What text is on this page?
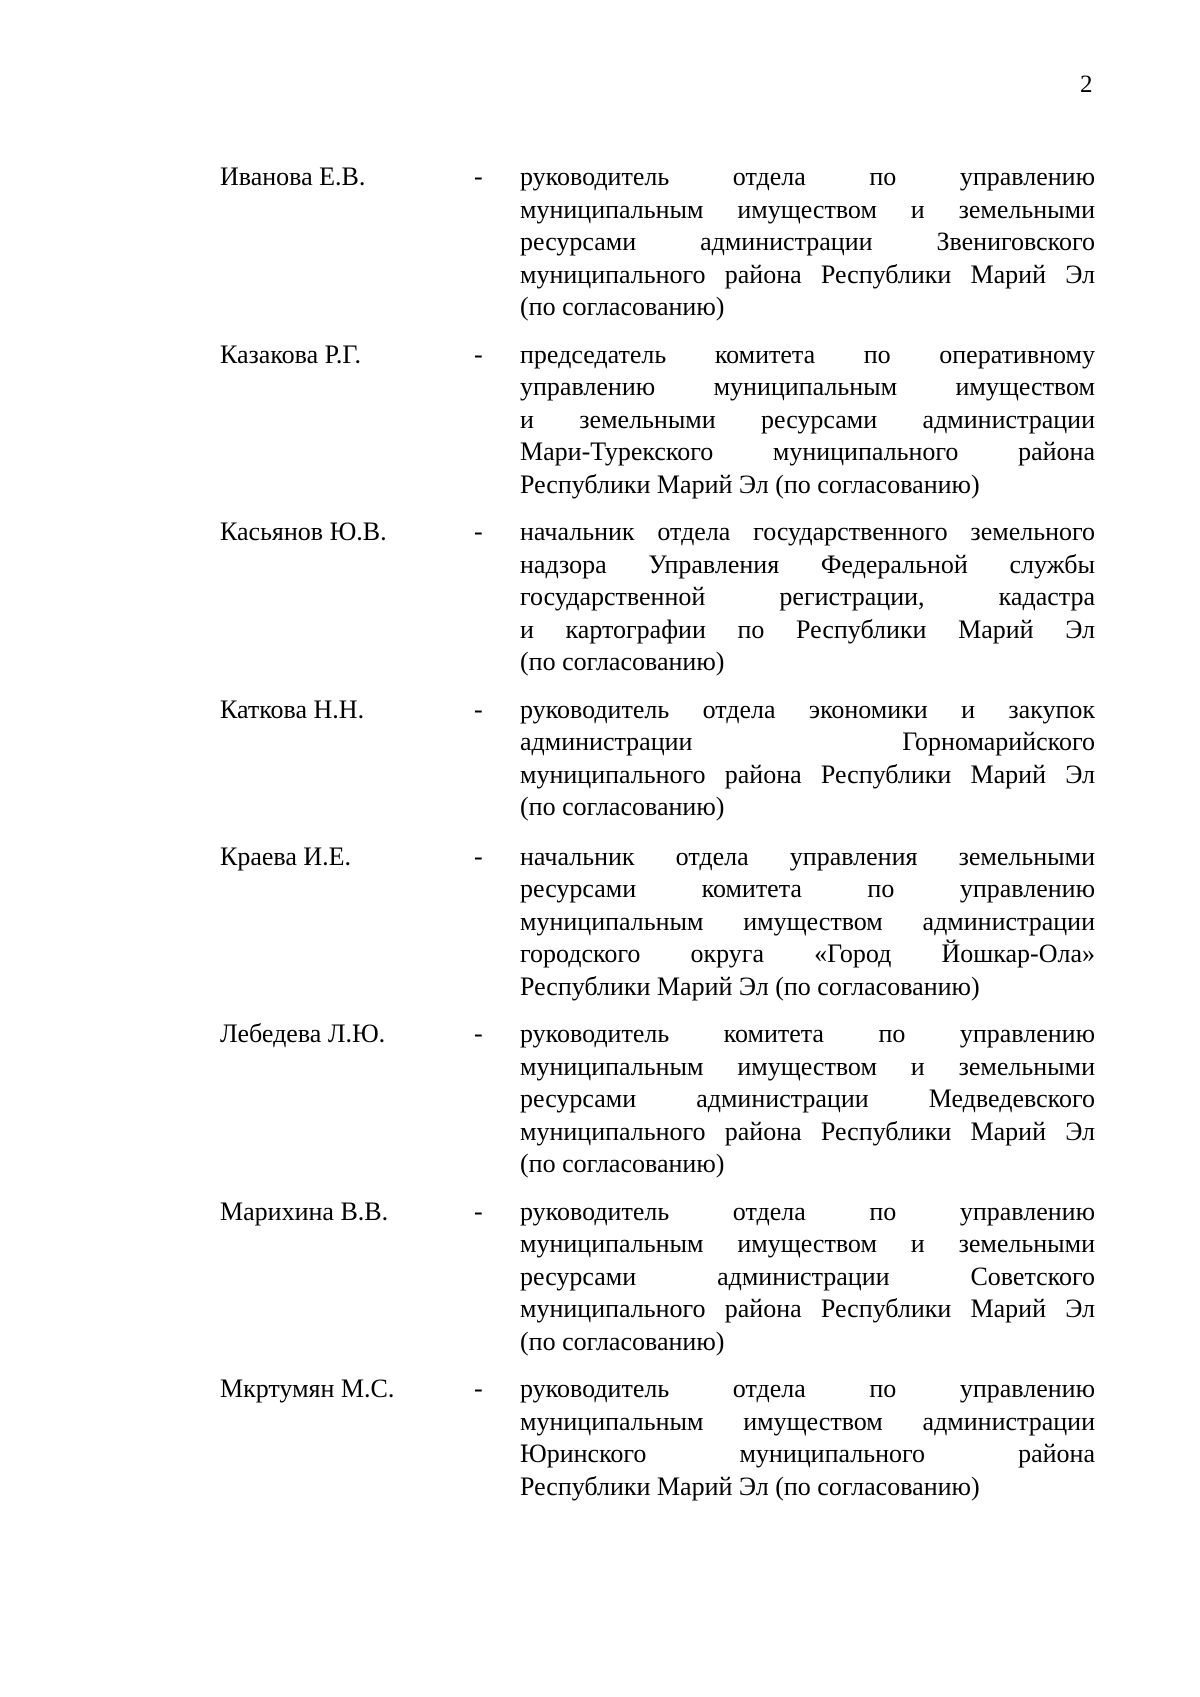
2
Иванова Е.В.	- руководитель отдела по управлению
муниципальным имуществом и земельными
ресурсами администрации Звениговского
муниципального района Республики Марий Эл
(по согласованию)
Казакова Р.Г.	- председатель комитета по оперативному
управлению муниципальным имуществом
и земельными ресурсами администрации
Мари-Турекского муниципального района
Республики Марий Эл (по согласованию)
Касьянов Ю.В.	- начальник отдела государственного земельного
надзора Управления Федеральной службы
государственной регистрации, кадастра
и картографии по Республики Марий Эл
(по согласованию)
Каткова Н.Н.	- руководитель отдела экономики и закупок
администрации Горномарийского
муниципального района Республики Марий Эл
(по согласованию)
Краева И.Е.	- начальник отдела управления земельными
ресурсами комитета по управлению
муниципальным имуществом администрации
городского округа «Город Йошкар-Ола»
Республики Марий Эл (по согласованию)
Лебедева Л.Ю.	- руководитель комитета по управлению
муниципальным имуществом и земельными
ресурсами администрации Медведевского
муниципального района Республики Марий Эл
(по согласованию)
Марихина В.В.	- руководитель отдела по управлению
муниципальным имуществом и земельными
ресурсами администрации Советского
муниципального района Республики Марий Эл
(по согласованию)
Мкртумян М.С.	- руководитель отдела по управлению
муниципальным имуществом администрации
Юринского муниципального района
Республики Марий Эл (по согласованию)
